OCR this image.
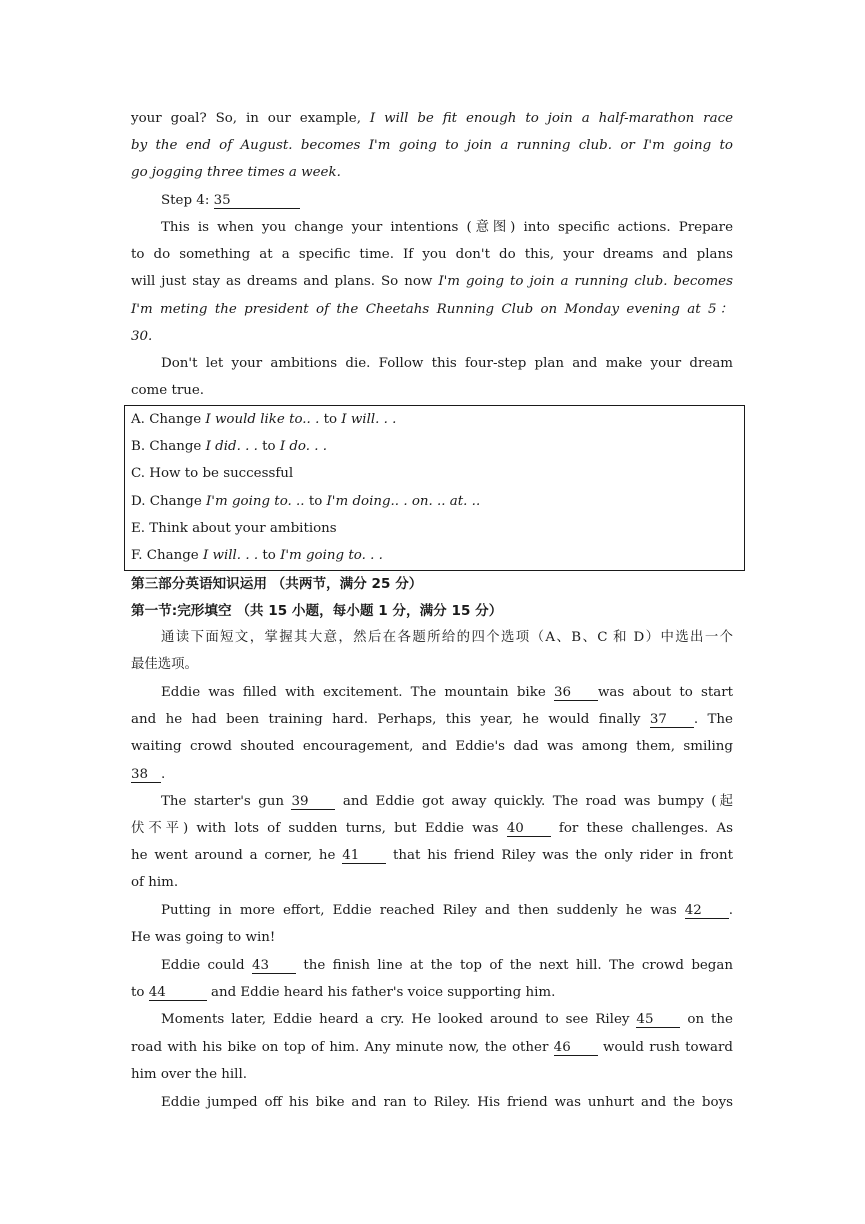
your goal? So, in our example, I will be fit enough to join a half-marathon race
by the end of August. becomes I'm going to join a running club. or I'm going to
go jogging three times a week.
Step 4: 35
This is when you change your intentions (意图) into specific actions. Prepare
to do something at a specific time. If you don't do this, your dreams and plans
will just stay as dreams and plans. So now I'm going to join a running club. becomes
I'm meting the president of the Cheetahs Running Club on Monday evening at 5：
30.
Don't let your ambitions die. Follow this four-step plan and make your dream
come true.
A. Change I would like to.. . to I will. . .
B. Change I did. . . to I do. . .
C. How to be successful
D. Change I'm going to. .. to I'm doing.. . on. .. at. ..
E. Think about your ambitions
F. Change I will. . . to I'm going to. . .
第三部分英语知识运用 （共两节，满分 25 分）
第一节:完形填空 （共 15 小题，每小题 1 分，满分 15 分）
通读下面短文，掌握其大意，然后在各题所给的四个选项（A、B、C 和 D）中选出一个
最佳选项。
Eddie was filled with excitement. The mountain bike 36 was about to start
and he had been training hard. Perhaps, this year, he would finally 37 . The
waiting crowd shouted encouragement, and Eddie's dad was among them, smiling
38 .
The starter's gun 39 and Eddie got away quickly. The road was bumpy (起
伏不平) with lots of sudden turns, but Eddie was 40 for these challenges. As
he went around a corner, he 41 that his friend Riley was the only rider in front
of him.
Putting in more effort, Eddie reached Riley and then suddenly he was 42 .
He was going to win!
Eddie could 43 the finish line at the top of the next hill. The crowd began
to 44	and Eddie heard his father's voice supporting him.
Moments later, Eddie heard a cry. He looked around to see Riley 45 on the
road with his bike on top of him. Any minute now, the other 46 would rush toward
him over the hill.
Eddie jumped off his bike and ran to Riley. His friend was unhurt and the boys
